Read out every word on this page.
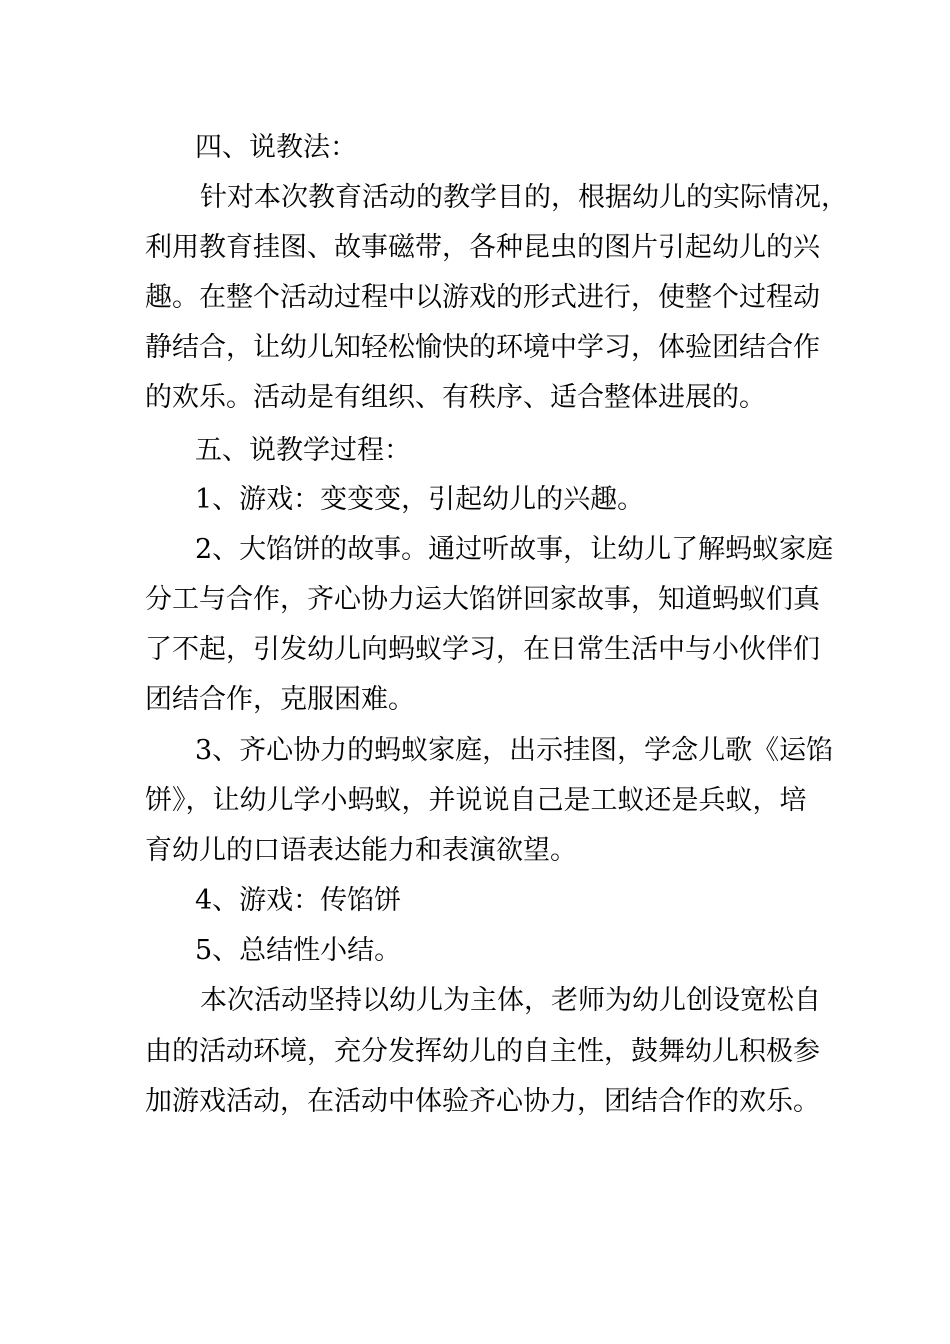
四、说教法：
针对本次教育活动的教学目的，根据幼儿的实际情况，
利用教育挂图、故事磁带，各种昆虫的图片引起幼儿的兴
趣。在整个活动过程中以游戏的形式进行，使整个过程动
静结合，让幼儿知轻松愉快的环境中学习，体验团结合作
的欢乐。活动是有组织、有秩序、适合整体进展的。
五、说教学过程：
1、游戏：变变变，引起幼儿的兴趣。
2、大馅饼的故事。通过听故事，让幼儿了解蚂蚁家庭
分工与合作，齐心协力运大馅饼回家故事，知道蚂蚁们真
了不起，引发幼儿向蚂蚁学习，在日常生活中与小伙伴们
团结合作，克服困难。
3、齐心协力的蚂蚁家庭，出示挂图，学念儿歌《运馅
饼》，让幼儿学小蚂蚁，并说说自己是工蚁还是兵蚁，培
育幼儿的口语表达能力和表演欲望。
4、游戏：传馅饼
5、总结性小结。
本次活动坚持以幼儿为主体，老师为幼儿创设宽松自
由的活动环境，充分发挥幼儿的自主性，鼓舞幼儿积极参
加游戏活动，在活动中体验齐心协力，团结合作的欢乐。
